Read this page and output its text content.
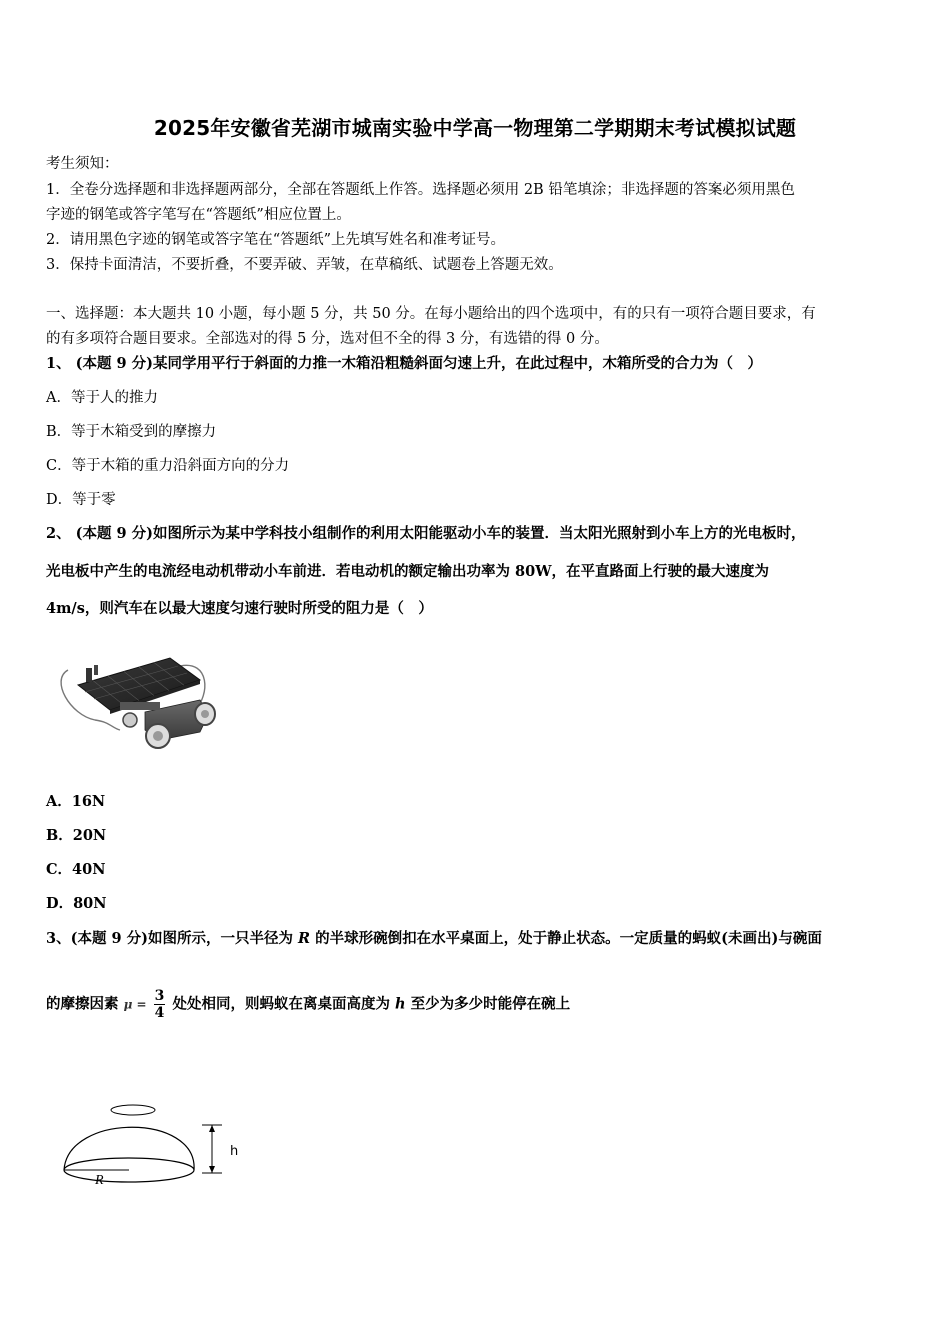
2025年安徽省芜湖市城南实验中学高一物理第二学期期末考试模拟试题
考生须知：
1．全卷分选择题和非选择题两部分，全部在答题纸上作答。选择题必须用 2B 铅笔填涂；非选择题的答案必须用黑色
字迹的钢笔或答字笔写在“答题纸”相应位置上。
2．请用黑色字迹的钢笔或答字笔在“答题纸”上先填写姓名和准考证号。
3．保持卡面清洁，不要折叠，不要弄破、弄皱，在草稿纸、试题卷上答题无效。
一、选择题：本大题共 10 小题，每小题 5 分，共 50 分。在每小题给出的四个选项中，有的只有一项符合题目要求，有
的有多项符合题目要求。全部选对的得 5 分，选对但不全的得 3 分，有选错的得 0 分。
1、 (本题 9 分)某同学用平行于斜面的力推一木箱沿粗糙斜面匀速上升，在此过程中，木箱所受的合力为（　）
A．等于人的推力
B．等于木箱受到的摩擦力
C．等于木箱的重力沿斜面方向的分力
D．等于零
2、 (本题 9 分)如图所示为某中学科技小组制作的利用太阳能驱动小车的装置．当太阳光照射到小车上方的光电板时，
光电板中产生的电流经电动机带动小车前进．若电动机的额定输出功率为 80W，在平直路面上行驶的最大速度为
4m/s，则汽车在以最大速度匀速行驶时所受的阻力是（　）
A．16N
B．20N
C．40N
D．80N
3、(本题 9 分)如图所示，一只半径为 R 的半球形碗倒扣在水平桌面上，处于静止状态。一定质量的蚂蚁(未画出)与碗面
的摩擦因素 $\mu = \frac{3}{4}$ 处处相同，则蚂蚁在离桌面高度为 h 至少为多少时能停在碗上
h
R
